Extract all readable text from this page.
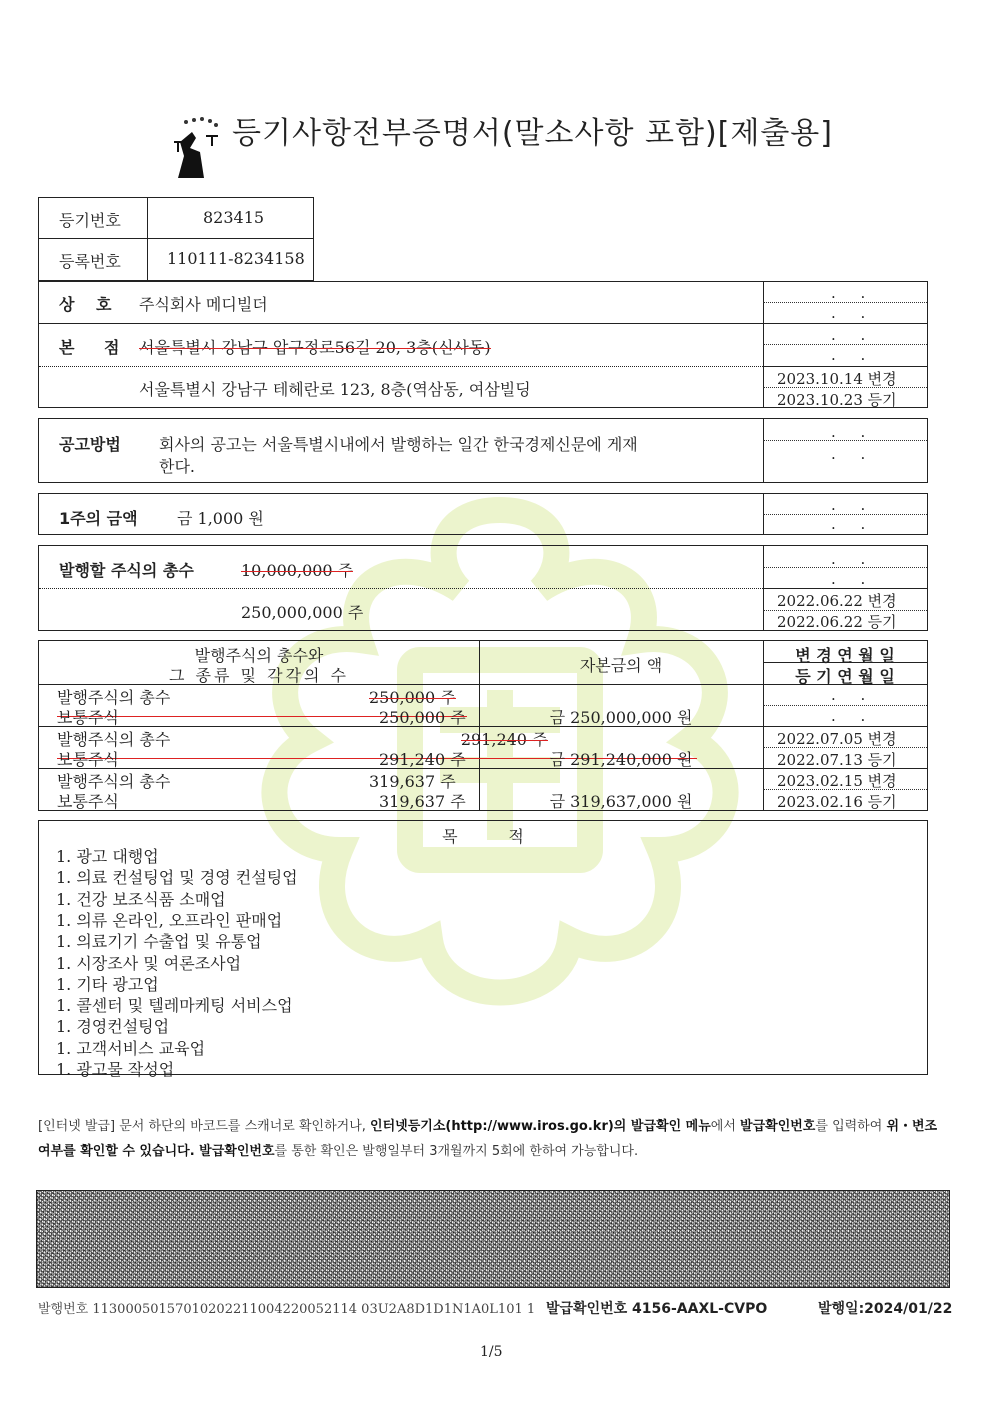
등기사항전부증명서(말소사항 포함)[제출용]
등기번호	823415
등록번호	110111-8234158
상 호 주식회사 메디빌더
. .
. .
본 점 서울특별시 강남구 압구정로56길 20, 3층(신사동)
. .
. .
서울특별시 강남구 테헤란로 123, 8층(역삼동, 여삼빌딩
2023.10.14 변경
2023.10.23 등기
공고방법 회사의 공고는 서울특별시내에서 발행하는 일간 한국경제신문에 게재
한다.
. .
. .
1주의 금액 금 1,000 원
. .
. .
발행할 주식의 총수	10,000,000 주
. .
. .
250,000,000 주
2022.06.22 변경
2022.06.22 등기
발행주식의 총수와
그 종류 및 각각의 수
자본금의 액
변 경 연 월 일
등 기 연 월 일
발행주식의 총수	250,000 주
보통주식	250,000 주	금 250,000,000 원
. .
. .
발행주식의 총수	291,240 주
보통주식	291,240 주	금 291,240,000 원
2022.07.05 변경
2022.07.13 등기
발행주식의 총수	319,637 주
보통주식	319,637 주	금 319,637,000 원
2023.02.15 변경
2023.02.16 등기
목          적
1. 광고 대행업
1. 의료 컨설팅업 및 경영 컨설팅업
1. 건강 보조식품 소매업
1. 의류 온라인, 오프라인 판매업
1. 의료기기 수출업 및 유통업
1. 시장조사 및 여론조사업
1. 기타 광고업
1. 콜센터 및 텔레마케팅 서비스업
1. 경영컨설팅업
1. 고객서비스 교육업
1. 광고물 작성업
[인터넷 발급] 문서 하단의 바코드를 스캐너로 확인하거나, 인터넷등기소(http://www.iros.go.kr)의 발급확인 메뉴에서 발급확인번호를 입력하여 위・변조 여부를 확인할 수 있습니다. 발급확인번호를 통한 확인은 발행일부터 3개월까지 5회에 한하여 가능합니다.
발행번호 11300050157010202211004220052114 03U2A8D1D1N1A0L101 1 발급확인번호 4156-AAXL-CVPO	발행일:2024/01/22
1/5
